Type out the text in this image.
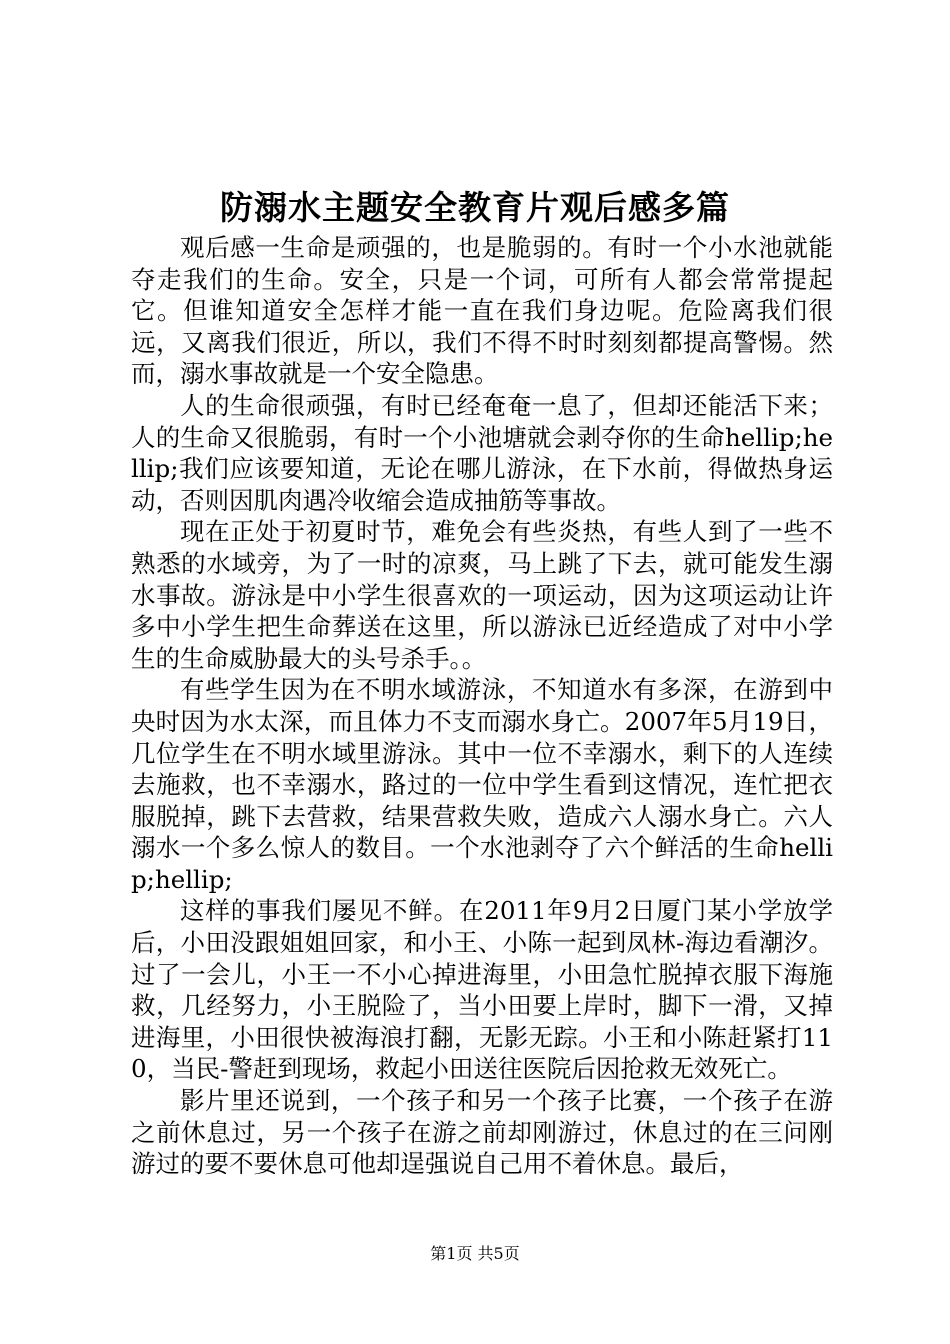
防溺水主题安全教育片观后感多篇

观后感一生命是顽强的，也是脆弱的。有时一个小水池就能夺走我们的生命。安全，只是一个词，可所有人都会常常提起它。但谁知道安全怎样才能一直在我们身边呢。危险离我们很远，又离我们很近，所以，我们不得不时时刻刻都提高警惕。然而，溺水事故就是一个安全隐患。

人的生命很顽强，有时已经奄奄一息了，但却还能活下来；人的生命又很脆弱，有时一个小池塘就会剥夺你的生命hellip;hellip;我们应该要知道，无论在哪儿游泳，在下水前，得做热身运动，否则因肌肉遇冷收缩会造成抽筋等事故。

现在正处于初夏时节，难免会有些炎热，有些人到了一些不熟悉的水域旁，为了一时的凉爽，马上跳了下去，就可能发生溺水事故。游泳是中小学生很喜欢的一项运动，因为这项运动让许多中小学生把生命葬送在这里，所以游泳已近经造成了对中小学生的生命威胁最大的头号杀手。。

有些学生因为在不明水域游泳，不知道水有多深，在游到中央时因为水太深，而且体力不支而溺水身亡。2007年5月19日，几位学生在不明水域里游泳。其中一位不幸溺水，剩下的人连续去施救，也不幸溺水，路过的一位中学生看到这情况，连忙把衣服脱掉，跳下去营救，结果营救失败，造成六人溺水身亡。六人溺水一个多么惊人的数目。一个水池剥夺了六个鲜活的生命hellip;hellip;

这样的事我们屡见不鲜。在2011年9月2日厦门某小学放学后，小田没跟姐姐回家，和小王、小陈一起到凤林-海边看潮汐。过了一会儿，小王一不小心掉进海里，小田急忙脱掉衣服下海施救，几经努力，小王脱险了，当小田要上岸时，脚下一滑，又掉进海里，小田很快被海浪打翻，无影无踪。小王和小陈赶紧打110，当民-警赶到现场，救起小田送往医院后因抢救无效死亡。

影片里还说到，一个孩子和另一个孩子比赛，一个孩子在游之前休息过，另一个孩子在游之前却刚游过，休息过的在三问刚游过的要不要休息可他却逞强说自己用不着休息。最后，

第1页 共5页
